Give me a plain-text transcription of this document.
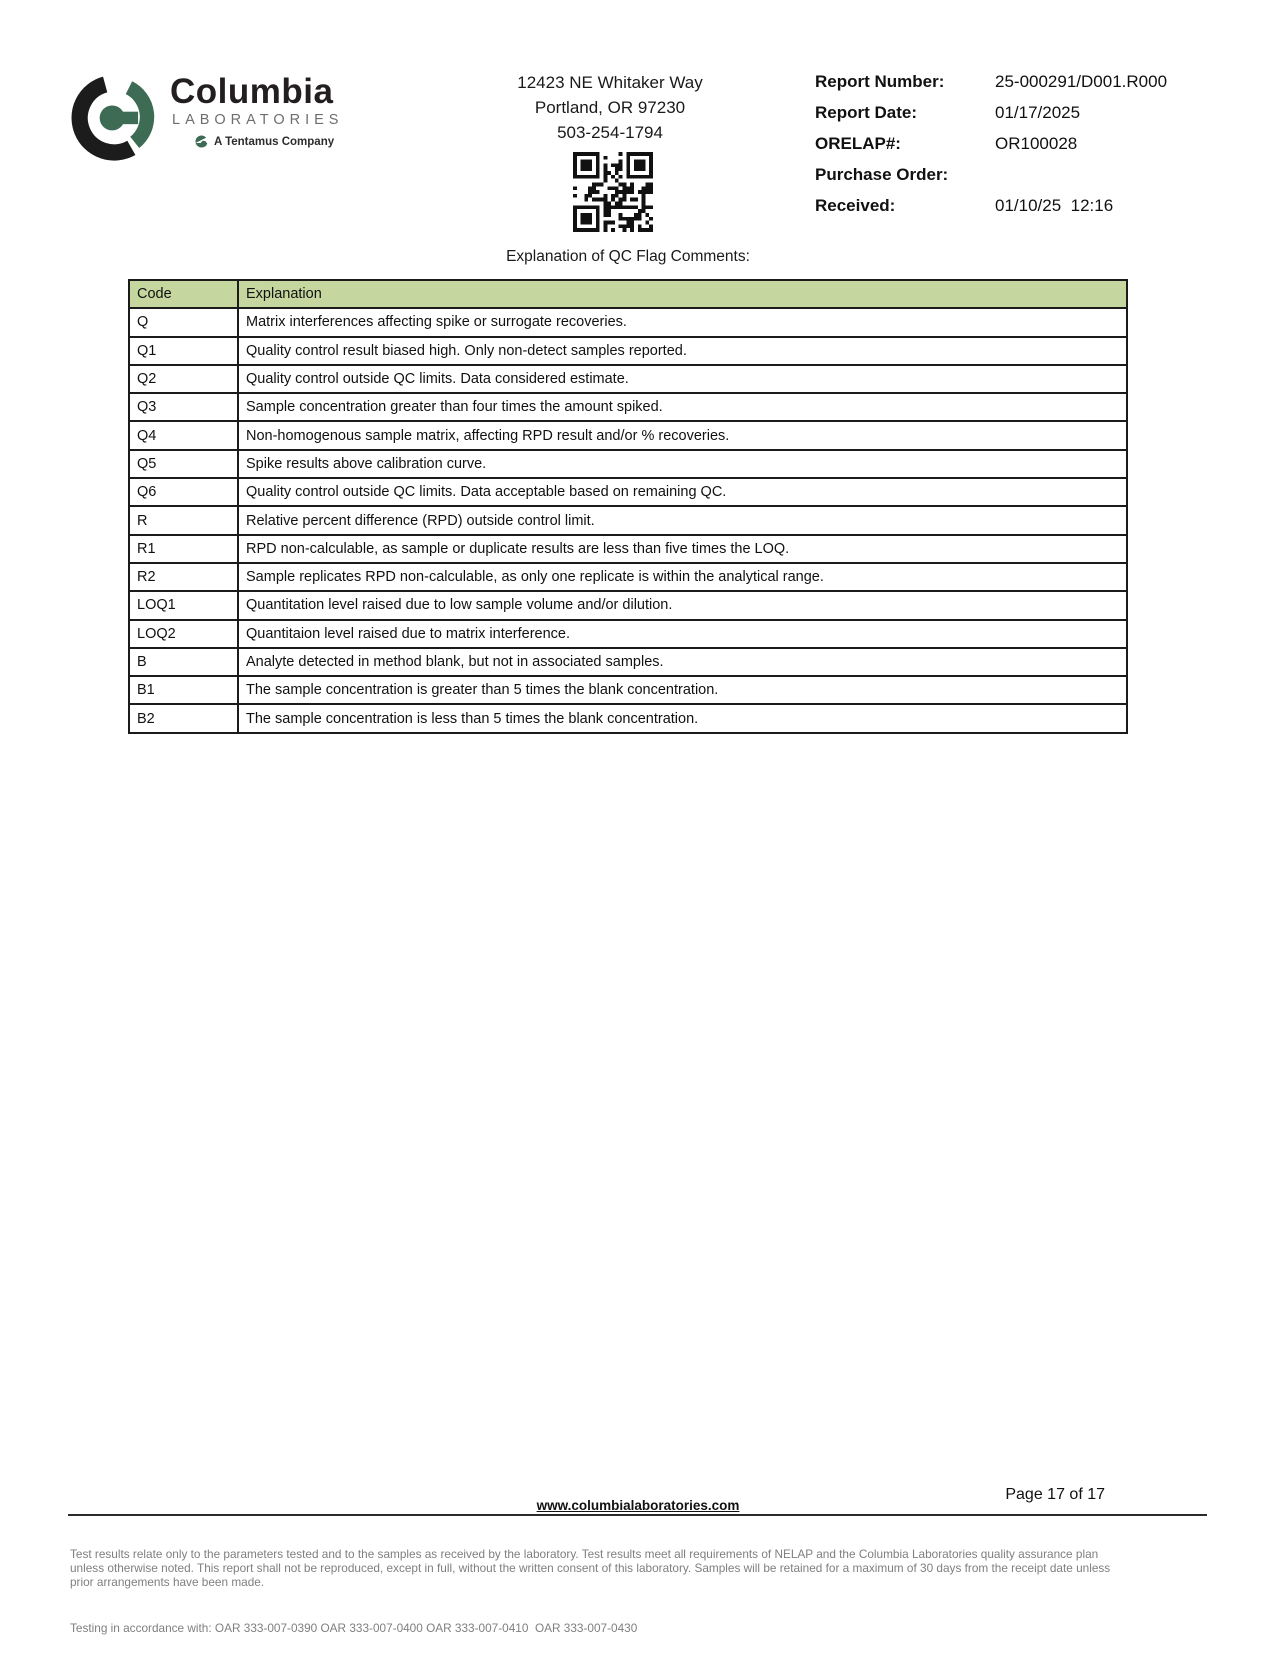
Columbia
LABORATORIES
A Tentamus Company
12423 NE Whitaker Way
Portland, OR 97230
503-254-1794
Report Number:	25-000291/D001.R000
Report Date:	01/17/2025
ORELAP#:	OR100028
Purchase Order:
Received:	01/10/25  12:16
Explanation of QC Flag Comments:
Code	Explanation
Q	Matrix interferences affecting spike or surrogate recoveries.
Q1	Quality control result biased high. Only non-detect samples reported.
Q2	Quality control outside QC limits. Data considered estimate.
Q3	Sample concentration greater than four times the amount spiked.
Q4	Non-homogenous sample matrix, affecting RPD result and/or % recoveries.
Q5	Spike results above calibration curve.
Q6	Quality control outside QC limits. Data acceptable based on remaining QC.
R	Relative percent difference (RPD) outside control limit.
R1	RPD non-calculable, as sample or duplicate results are less than five times the LOQ.
R2	Sample replicates RPD non-calculable, as only one replicate is within the analytical range.
LOQ1	Quantitation level raised due to low sample volume and/or dilution.
LOQ2	Quantitaion level raised due to matrix interference.
B	Analyte detected in method blank, but not in associated samples.
B1	The sample concentration is greater than 5 times the blank concentration.
B2	The sample concentration is less than 5 times the blank concentration.
Page 17 of 17
www.columbialaboratories.com

Test results relate only to the parameters tested and to the samples as received by the laboratory. Test results meet all requirements of NELAP and the Columbia Laboratories quality assurance plan
unless otherwise noted. This report shall not be reproduced, except in full, without the written consent of this laboratory. Samples will be retained for a maximum of 30 days from the receipt date unless
prior arrangements have been made.

Testing in accordance with: OAR 333-007-0390 OAR 333-007-0400 OAR 333-007-0410  OAR 333-007-0430
